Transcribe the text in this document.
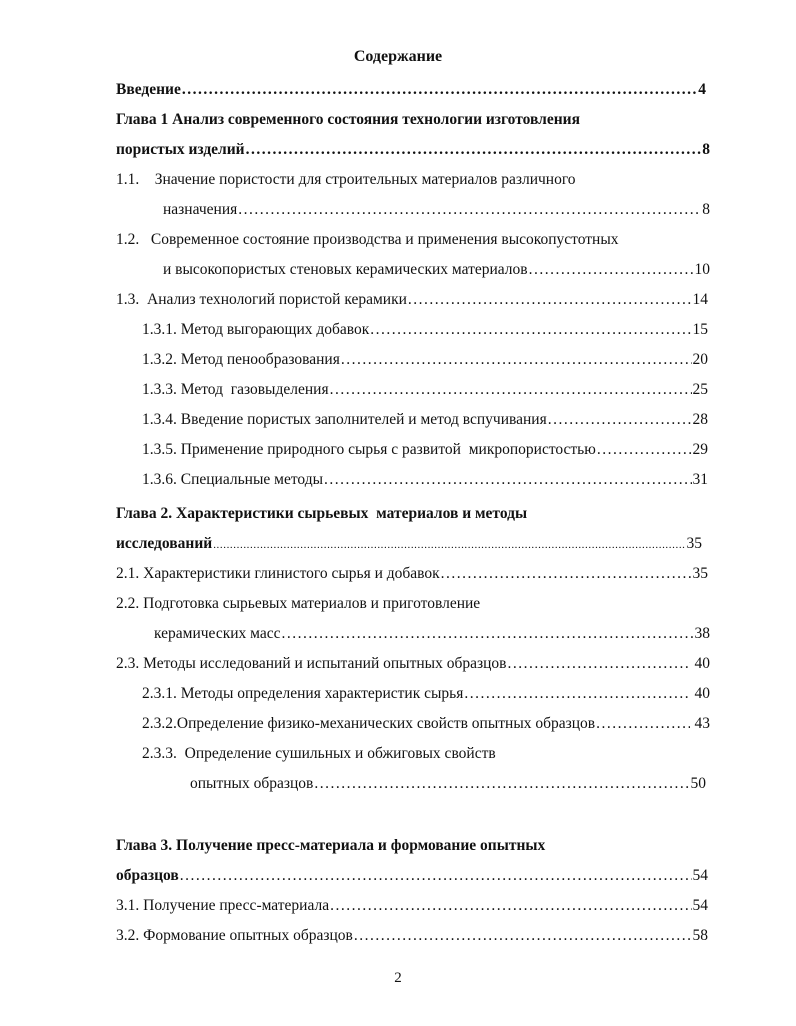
Содержание
Введение .....	4
Глава 1 Анализ современного состояния технологии изготовления
пористых изделий .....	8
1.1.    Значение пористости для строительных материалов различного
назначения .....	8
1.2.   Современное состояние производства и применения высокопустотных
и высокопористых стеновых керамических материалов .....	10
1.3.  Анализ технологий пористой керамики .....	14
1.3.1. Метод выгорающих добавок .....	15
1.3.2. Метод пенообразования .....	20
1.3.3. Метод  газовыделения .....	25
1.3.4. Введение пористых заполнителей и метод вспучивания .....	28
1.3.5. Применение природного сырья с развитой  микропористостью .....	29
1.3.6. Специальные методы .....	31
Глава 2. Характеристики сырьевых  материалов и методы
исследований .....	35
2.1. Характеристики глинистого сырья и добавок .....	35
2.2. Подготовка сырьевых материалов и приготовление
керамических масс .....	38
2.3. Методы исследований и испытаний опытных образцов .....	40
2.3.1. Методы определения характеристик сырья .....	40
2.3.2.Определение физико-механических свойств опытных образцов .....	43
2.3.3.  Определение сушильных и обжиговых свойств
опытных образцов .....	50
Глава 3. Получение пресс-материала и формование опытных
образцов .....	54
3.1. Получение пресс-материала .....	54
3.2. Формование опытных образцов .....	58
2
